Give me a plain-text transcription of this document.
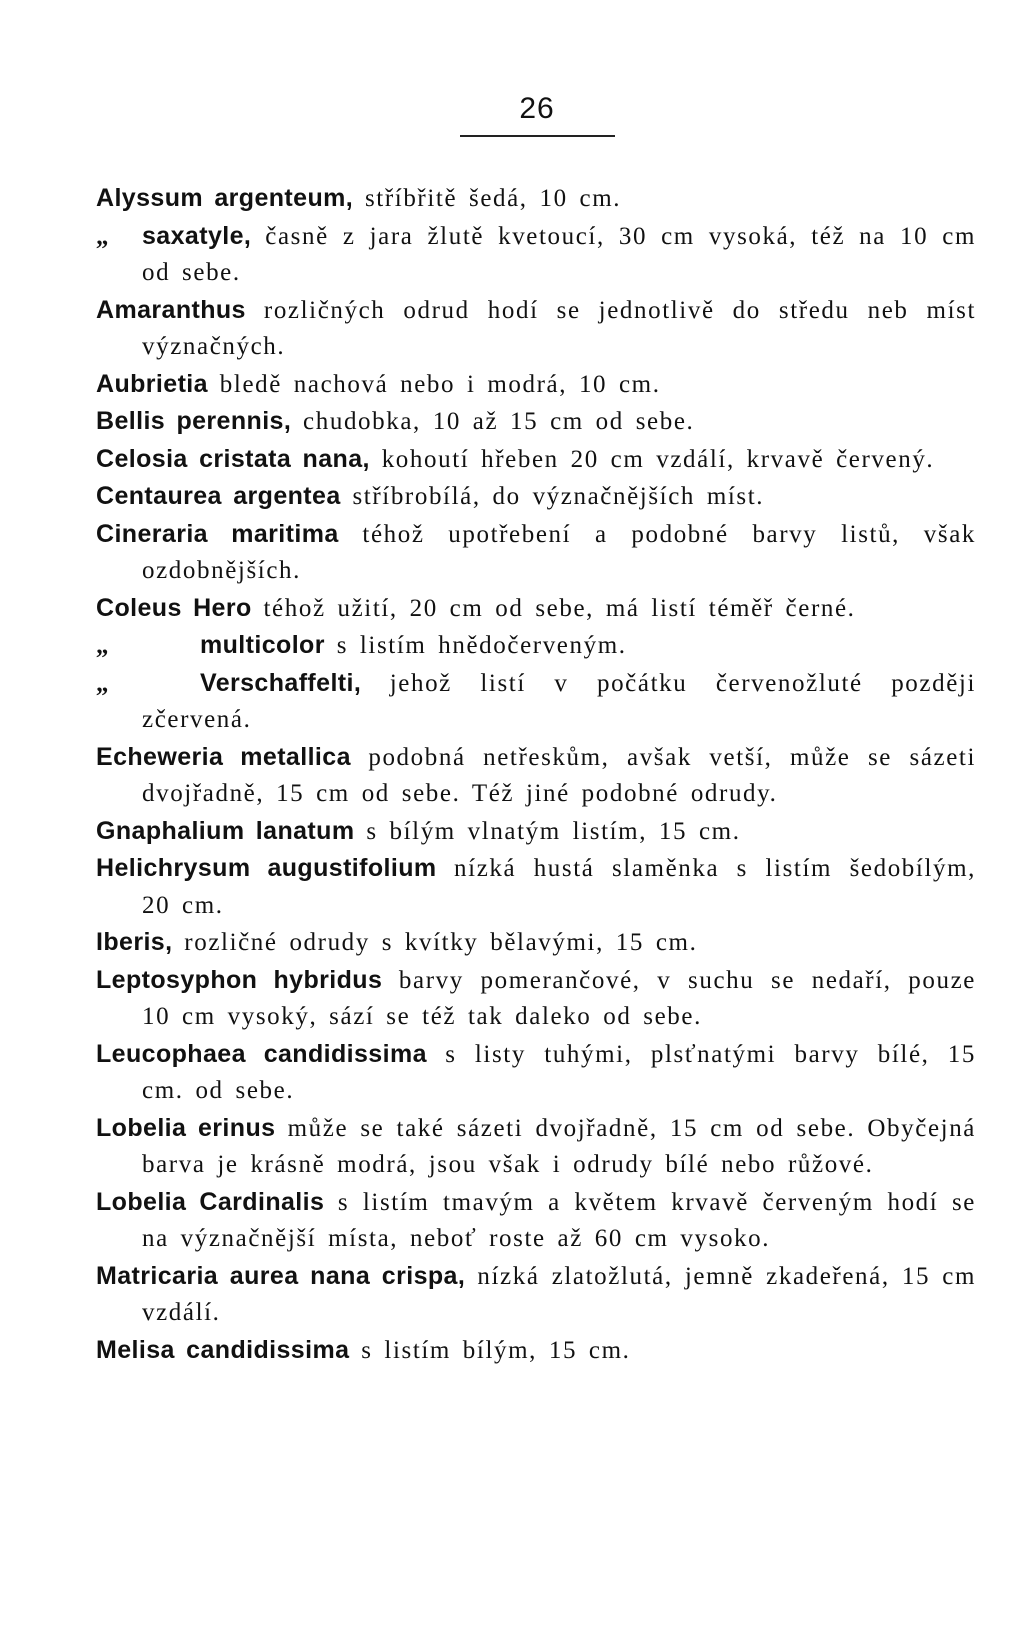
26

Alyssum argenteum, stříbřitě šedá, 10 cm.

„ saxatyle, časně z jara žlutě kvetoucí, 30 cm vysoká, též na 10 cm od sebe.

Amaranthus rozličných odrud hodí se jednotlivě do středu neb míst význačných.

Aubrietia bledě nachová nebo i modrá, 10 cm.

Bellis perennis, chudobka, 10 až 15 cm od sebe.

Celosia cristata nana, kohoutí hřeben 20 cm vzdálí, krvavě červený.

Centaurea argentea stříbrobílá, do význačnějších míst.

Cineraria maritima téhož upotřebení a podobné barvy listů, však ozdobnějších.

Coleus Hero téhož užití, 20 cm od sebe, má listí téměř černé.

„	multicolor s listím hnědočerveným.

„	Verschaffelti, jehož listí v počátku červenožluté později zčervená.

Echeweria metallica podobná netřeskům, avšak vetší, může se sázeti dvojřadně, 15 cm od sebe. Též jiné podobné odrudy.

Gnaphalium lanatum s bílým vlnatým listím, 15 cm.

Helichrysum augustifolium nízká hustá slaměnka s listím šedobílým, 20 cm.

Iberis, rozličné odrudy s kvítky bělavými, 15 cm.

Leptosyphon hybridus barvy pomerančové, v suchu se nedaří, pouze 10 cm vysoký, sází se též tak daleko od sebe.

Leucophaea candidissima s listy tuhými, plsťnatými barvy bílé, 15 cm. od sebe.

Lobelia erinus může se také sázeti dvojřadně, 15 cm od sebe. Obyčejná barva je krásně modrá, jsou však i odrudy bílé nebo růžové.

Lobelia Cardinalis s listím tmavým a květem krvavě červeným hodí se na význačnější místa, neboť roste až 60 cm vysoko.

Matricaria aurea nana crispa, nízká zlatožlutá, jemně zkadeřená, 15 cm vzdálí.

Melisa candidissima s listím bílým, 15 cm.
